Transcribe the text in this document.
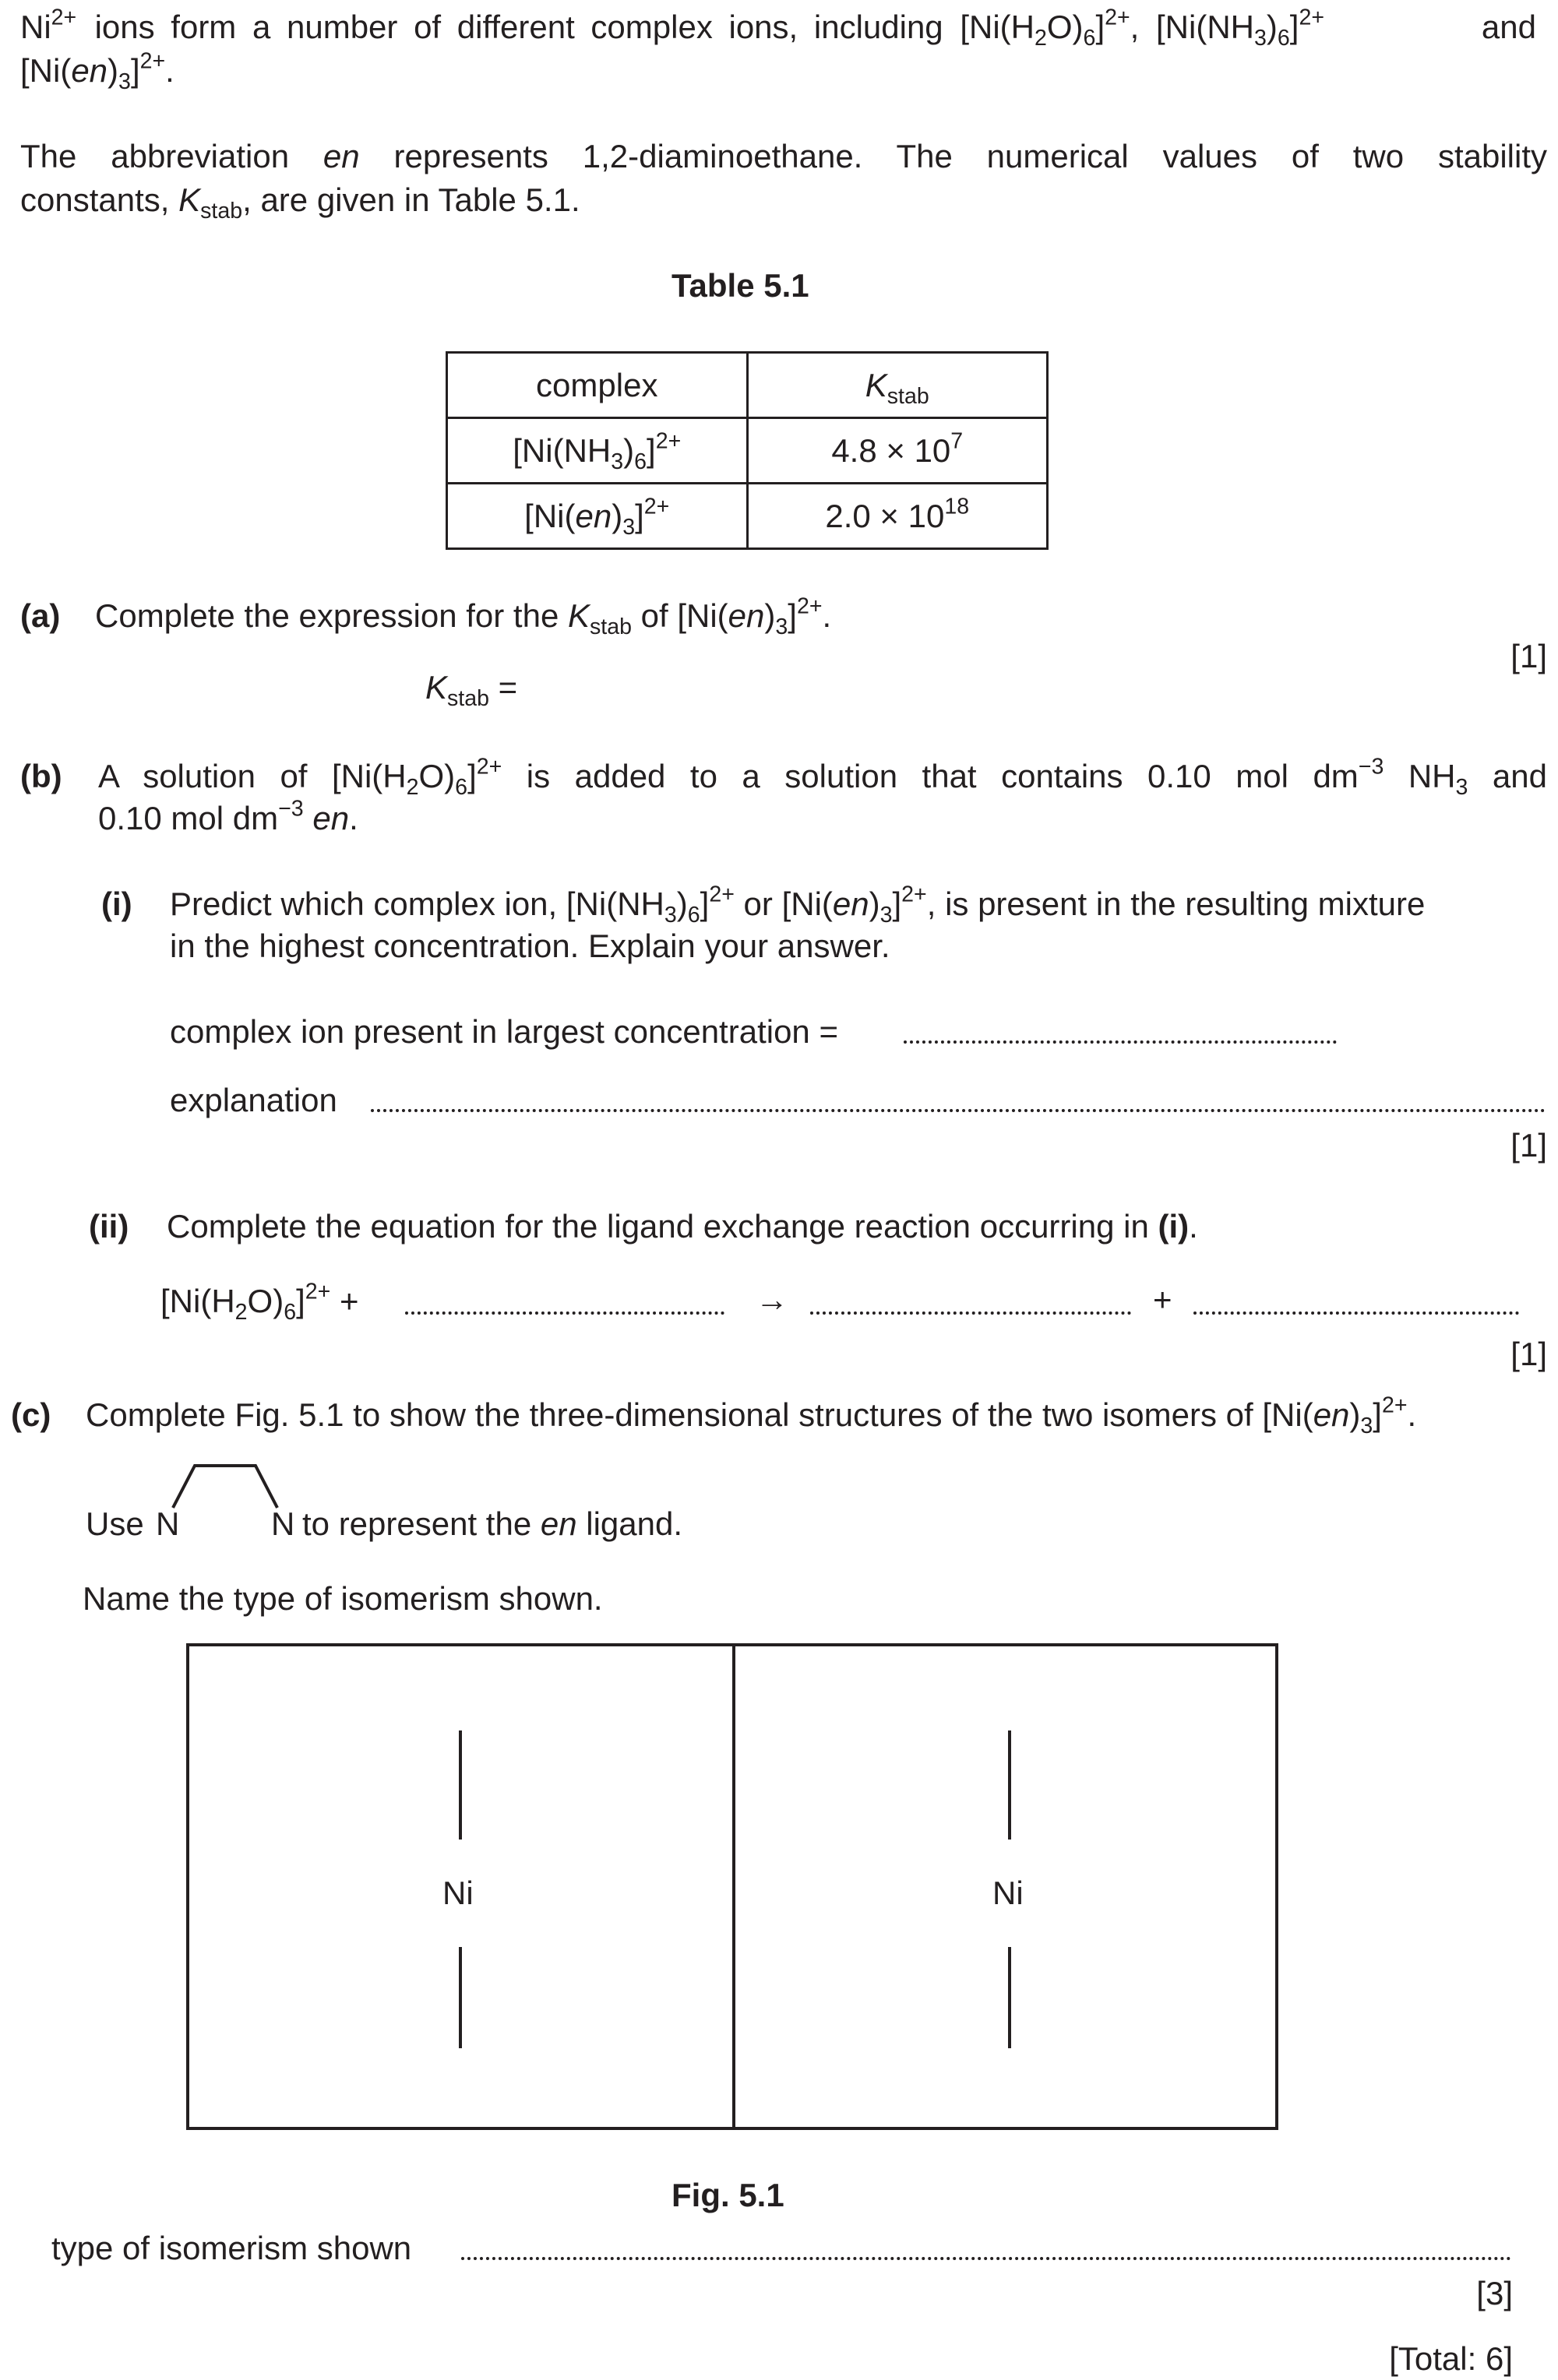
$Ni^{2+}$ ions form a number of different complex ions, including $[Ni(H_2O)_6]^{2+}$, $[Ni(NH_3)_6]^{2+}$	and
$[Ni(en)_3]^{2+}$.
The abbreviation en represents 1,2-diaminoethane. The numerical values of two stability
constants, $K_{stab}$, are given in Table 5.1.
Table 5.1
complex	$K_{stab}$
$[Ni(NH_3)_6]^{2+}$	$4.8 \times 10^7$
$[Ni(en)_3]^{2+}$	$2.0 \times 10^{18}$
(a) Complete the expression for the $K_{stab}$ of $[Ni(en)_3]^{2+}$.
[1]
$K_{stab}$ =
(b) A solution of $[Ni(H_2O)_6]^{2+}$ is added to a solution that contains 0.10 mol $dm^{-3}$ $NH_3$ and
0.10 mol $dm^{-3}$ en.
(i) Predict which complex ion, $[Ni(NH_3)_6]^{2+}$ or $[Ni(en)_3]^{2+}$, is present in the resulting mixture
in the highest concentration. Explain your answer.
complex ion present in largest concentration =
explanation
[1]
(ii) Complete the equation for the ligand exchange reaction occurring in (i).
$[Ni(H_2O)_6]^{2+}$ +	→	+
[1]
(c) Complete Fig. 5.1 to show the three-dimensional structures of the two isomers of $[Ni(en)_3]^{2+}$.
Use N	N to represent the en ligand.
Name the type of isomerism shown.
Ni	Ni
Fig. 5.1
type of isomerism shown
[3]
[Total: 6]
